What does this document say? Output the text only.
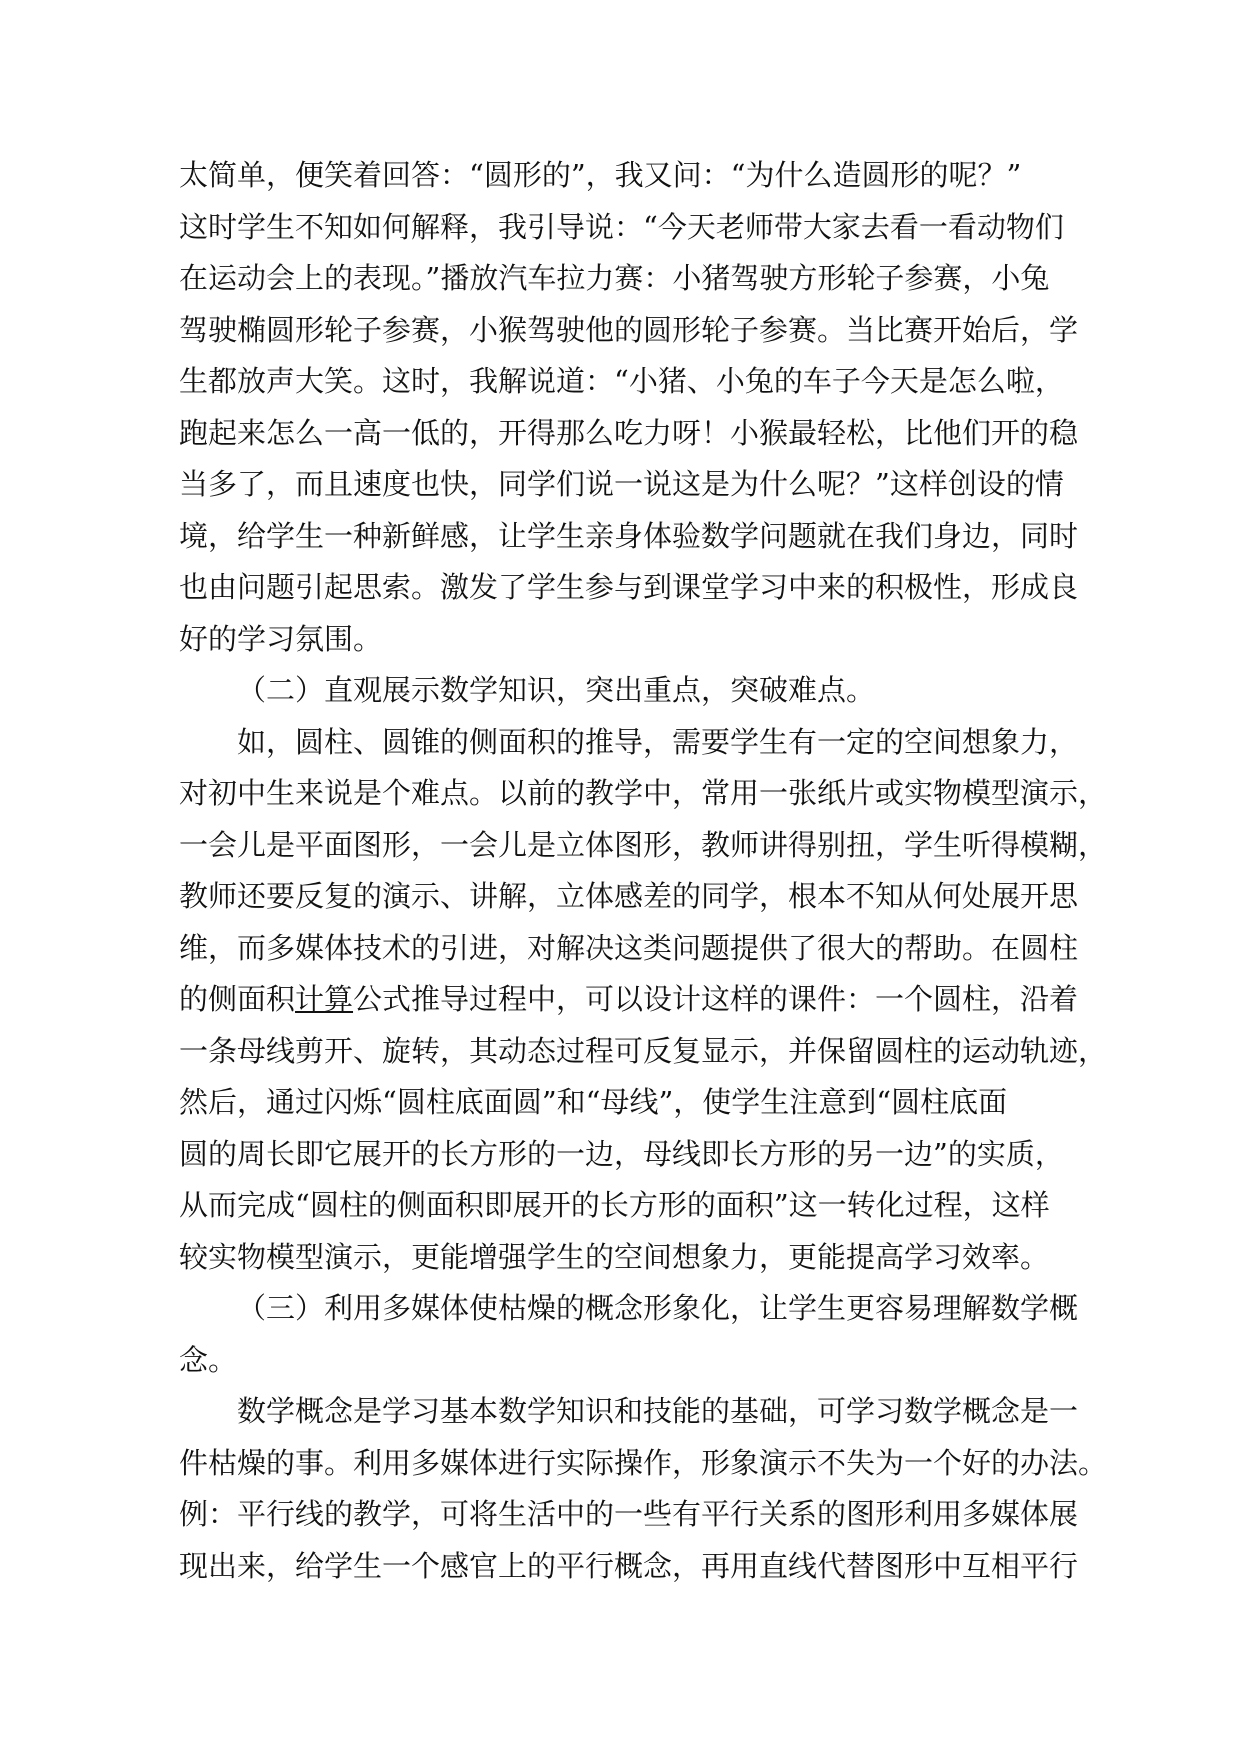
太简单，便笑着回答：“圆形的”，我又问：“为什么造圆形的呢？”
这时学生不知如何解释，我引导说：“今天老师带大家去看一看动物们
在运动会上的表现。”播放汽车拉力赛：小猪驾驶方形轮子参赛，小兔
驾驶椭圆形轮子参赛，小猴驾驶他的圆形轮子参赛。当比赛开始后，学
生都放声大笑。这时，我解说道：“小猪、小兔的车子今天是怎么啦，
跑起来怎么一高一低的，开得那么吃力呀！小猴最轻松，比他们开的稳
当多了，而且速度也快，同学们说一说这是为什么呢？”这样创设的情
境，给学生一种新鲜感，让学生亲身体验数学问题就在我们身边，同时
也由问题引起思索。激发了学生参与到课堂学习中来的积极性，形成良
好的学习氛围。
（二）直观展示数学知识，突出重点，突破难点。
如，圆柱、圆锥的侧面积的推导，需要学生有一定的空间想象力，
对初中生来说是个难点。以前的教学中，常用一张纸片或实物模型演示，
一会儿是平面图形，一会儿是立体图形，教师讲得别扭，学生听得模糊，
教师还要反复的演示、讲解，立体感差的同学，根本不知从何处展开思
维，而多媒体技术的引进，对解决这类问题提供了很大的帮助。在圆柱
的侧面积计算公式推导过程中，可以设计这样的课件：一个圆柱，沿着
一条母线剪开、旋转，其动态过程可反复显示，并保留圆柱的运动轨迹，
然后，通过闪烁“圆柱底面圆”和“母线”，使学生注意到“圆柱底面
圆的周长即它展开的长方形的一边，母线即长方形的另一边”的实质，
从而完成“圆柱的侧面积即展开的长方形的面积”这一转化过程，这样
较实物模型演示，更能增强学生的空间想象力，更能提高学习效率。
（三）利用多媒体使枯燥的概念形象化，让学生更容易理解数学概
念。
数学概念是学习基本数学知识和技能的基础，可学习数学概念是一
件枯燥的事。利用多媒体进行实际操作，形象演示不失为一个好的办法。
例：平行线的教学，可将生活中的一些有平行关系的图形利用多媒体展
现出来，给学生一个感官上的平行概念，再用直线代替图形中互相平行
